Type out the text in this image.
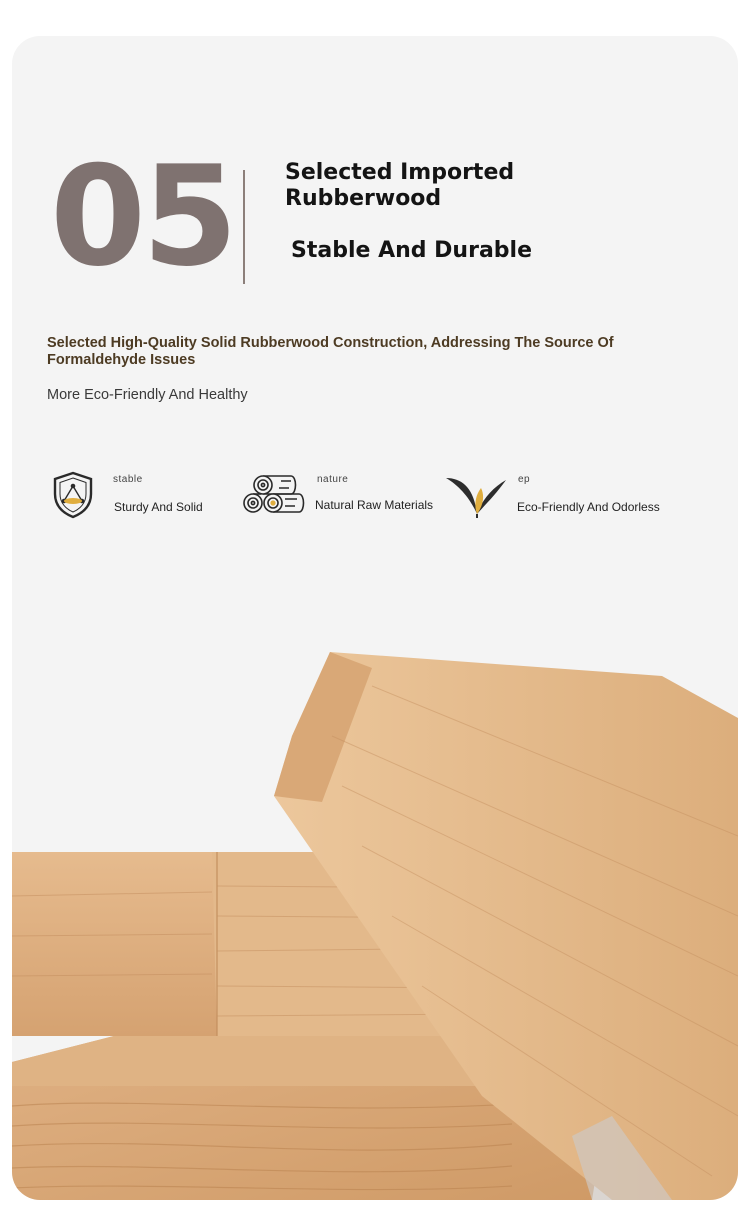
05 Selected Imported Rubberwood
Stable And Durable
Selected High-Quality Solid Rubberwood Construction, Addressing The Source Of Formaldehyde Issues
More Eco-Friendly And Healthy
stable
Sturdy And Solid
nature
Natural Raw Materials
ep
Eco-Friendly And Odorless
